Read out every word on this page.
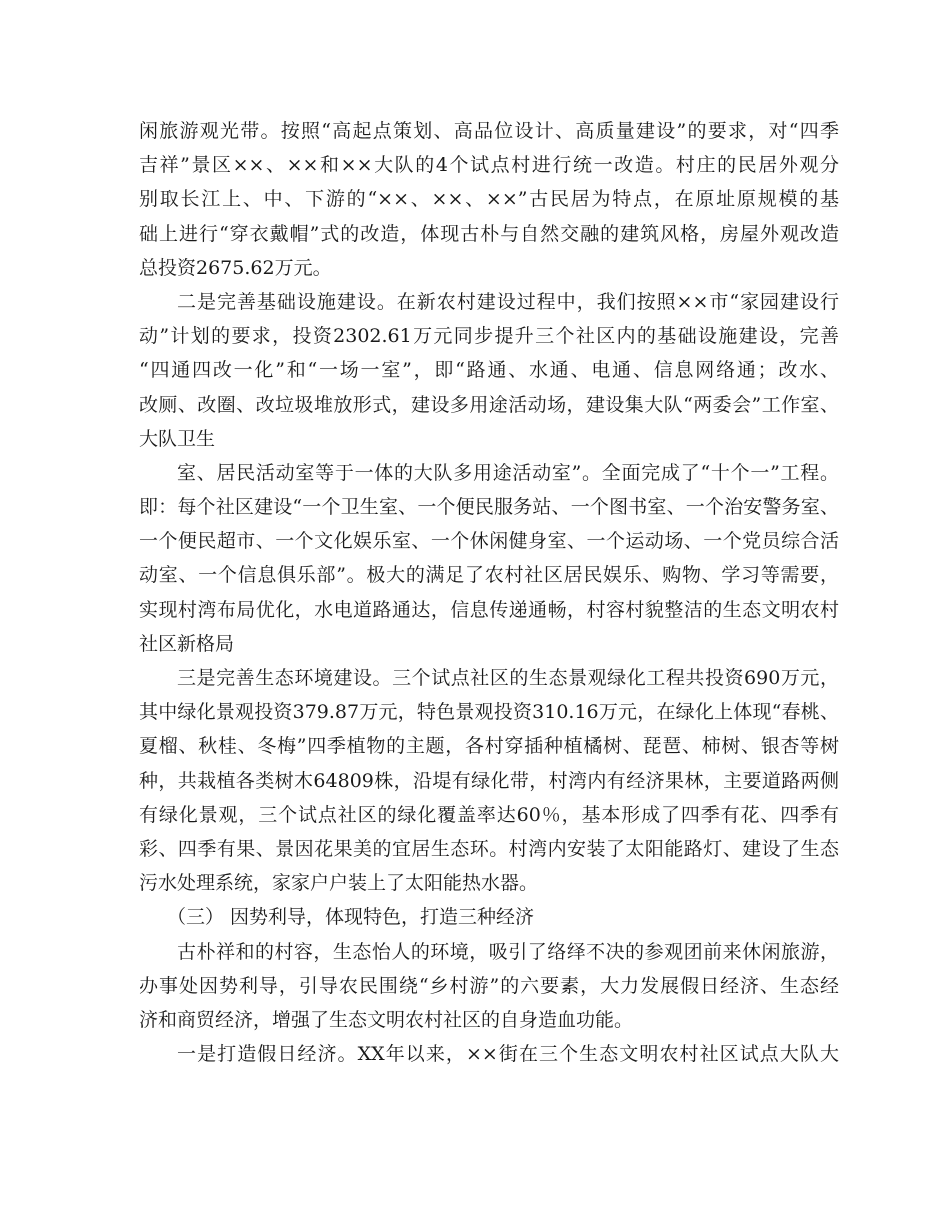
闲旅游观光带。按照“高起点策划、高品位设计、高质量建设”的要求，对“四季
吉祥”景区××、××和××大队的4个试点村进行统一改造。村庄的民居外观分
别取长江上、中、下游的“××、××、××”古民居为特点，在原址原规模的基
础上进行“穿衣戴帽”式的改造，体现古朴与自然交融的建筑风格，房屋外观改造
总投资2675.62万元。
二是完善基础设施建设。在新农村建设过程中，我们按照××市“家园建设行
动”计划的要求，投资2302.61万元同步提升三个社区内的基础设施建设，完善
“四通四改一化”和“一场一室”，即“路通、水通、电通、信息网络通；改水、
改厕、改圈、改垃圾堆放形式，建设多用途活动场，建设集大队“两委会”工作室、
大队卫生
室、居民活动室等于一体的大队多用途活动室”。全面完成了“十个一”工程。
即：每个社区建设“一个卫生室、一个便民服务站、一个图书室、一个治安警务室、
一个便民超市、一个文化娱乐室、一个休闲健身室、一个运动场、一个党员综合活
动室、一个信息俱乐部”。极大的满足了农村社区居民娱乐、购物、学习等需要，
实现村湾布局优化，水电道路通达，信息传递通畅，村容村貌整洁的生态文明农村
社区新格局
三是完善生态环境建设。三个试点社区的生态景观绿化工程共投资690万元，
其中绿化景观投资379.87万元，特色景观投资310.16万元，在绿化上体现“春桃、
夏榴、秋桂、冬梅”四季植物的主题，各村穿插种植橘树、琵琶、柿树、银杏等树
种，共栽植各类树木64809株，沿堤有绿化带，村湾内有经济果林，主要道路两侧
有绿化景观，三个试点社区的绿化覆盖率达60％，基本形成了四季有花、四季有
彩、四季有果、景因花果美的宜居生态环。村湾内安装了太阳能路灯、建设了生态
污水处理系统，家家户户装上了太阳能热水器。
（三） 因势利导，体现特色，打造三种经济
古朴祥和的村容，生态怡人的环境，吸引了络绎不决的参观团前来休闲旅游，
办事处因势利导，引导农民围绕“乡村游”的六要素，大力发展假日经济、生态经
济和商贸经济，增强了生态文明农村社区的自身造血功能。
一是打造假日经济。XX年以来，××街在三个生态文明农村社区试点大队大
